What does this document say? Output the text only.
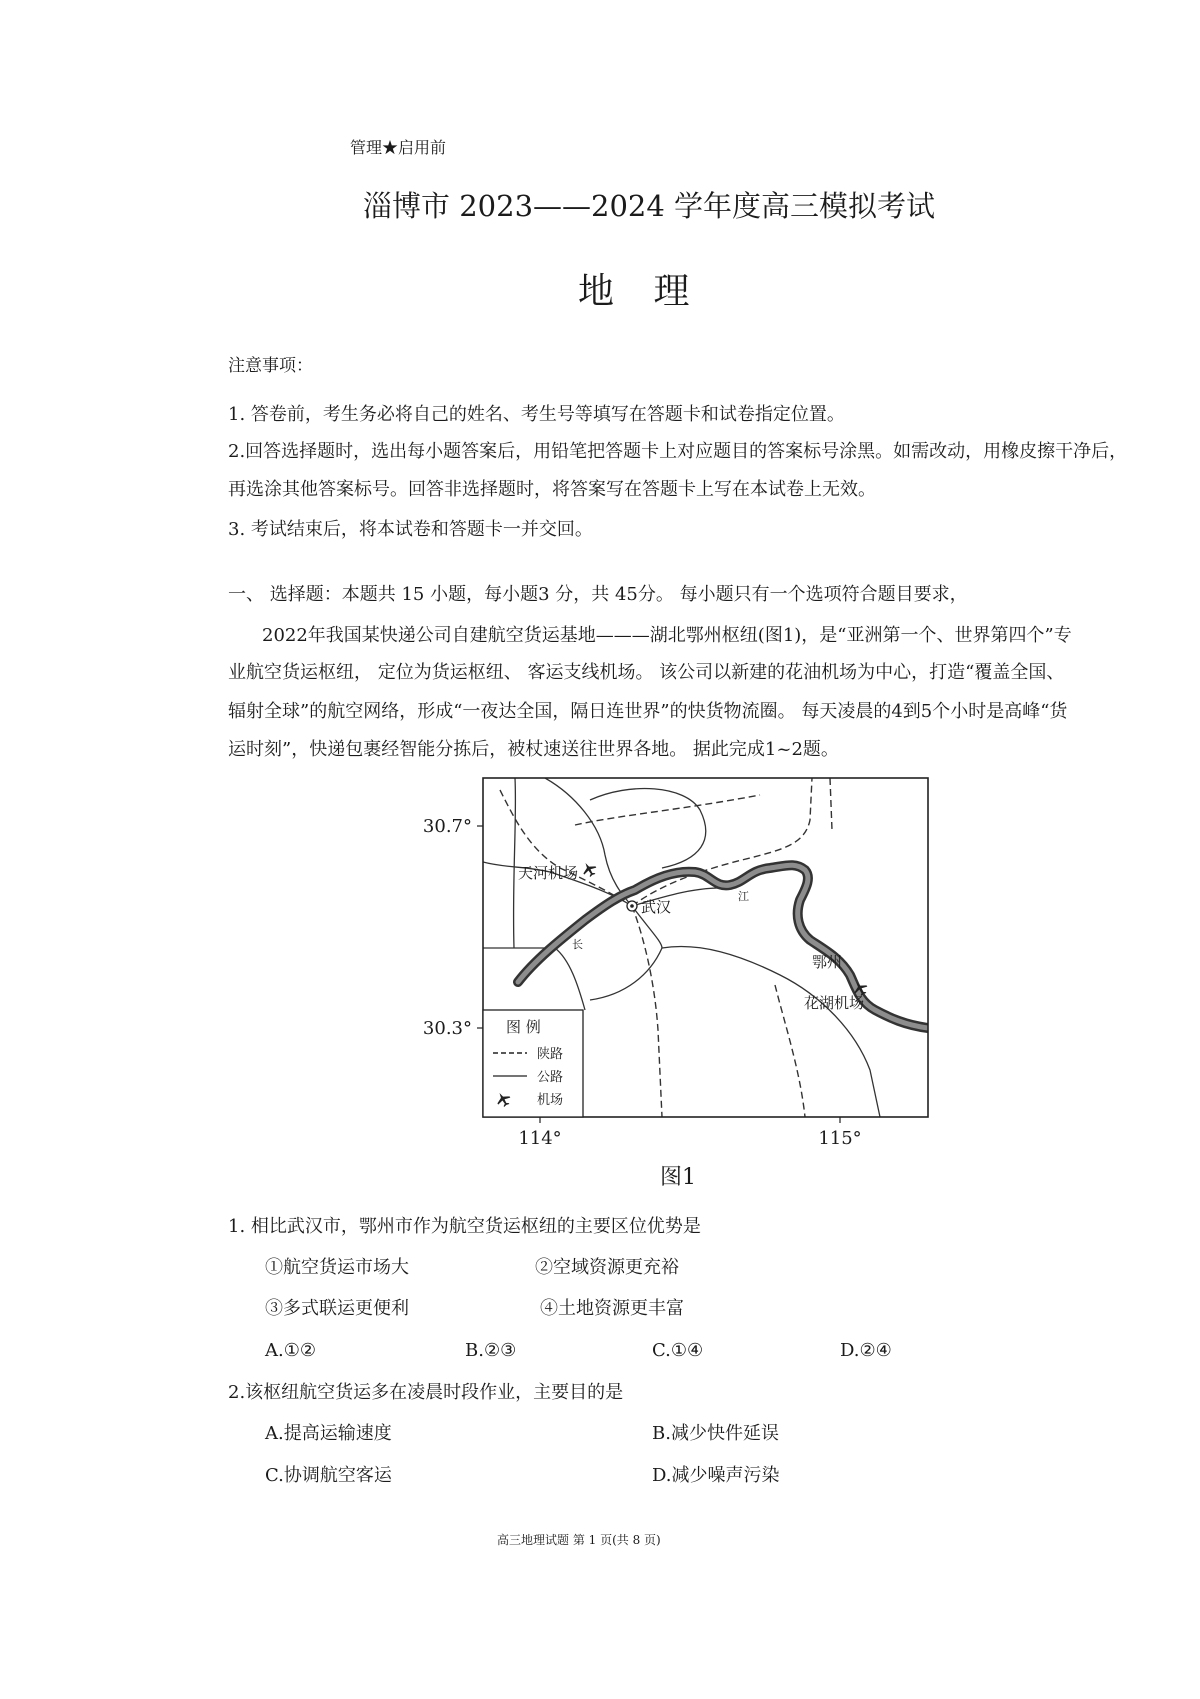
管理★启用前
淄博市 2023——2024 学年度高三模拟考试
地 理
注意事项：
1. 答卷前，考生务必将自己的姓名、考生号等填写在答题卡和试卷指定位置。
2.回答选择题时，选出每小题答案后，用铅笔把答题卡上对应题目的答案标号涂黑。如需改动，用橡皮擦干净后，
再选涂其他答案标号。回答非选择题时，将答案写在答题卡上写在本试卷上无效。
3. 考试结束后，将本试卷和答题卡一并交回。
一、 选择题：本题共 15 小题，每小题3 分，共 45分。 每小题只有一个选项符合题目要求，
2022年我国某快递公司自建航空货运基地———湖北鄂州枢纽(图1)，是“亚洲第一个、世界第四个”专
业航空货运枢纽， 定位为货运枢纽、 客运支线机场。 该公司以新建的花油机场为中心，打造“覆盖全国、
辐射全球”的航空网络，形成“一夜达全国，隔日连世界”的快货物流圈。 每天凌晨的4到5个小时是高峰“货
运时刻”，快递包裹经智能分拣后，被杖速送往世界各地。 据此完成1~2题。
30.7°
30.3°
114°	115°
天河机场
武汉
长
江
鄂州
花湖机场
图 例
陕路
公路
机场
图1
1. 相比武汉市，鄂州市作为航空货运枢纽的主要区位优势是
①航空货运市场大	②空域资源更充裕
③多式联运更便利	④土地资源更丰富
A.①②	B.②③	C.①④	D.②④
2.该枢纽航空货运多在凌晨时段作业，主要目的是
A.提高运输速度	B.减少快件延误
C.协调航空客运	D.减少噪声污染
高三地理试题 第 1 页(共 8 页)
